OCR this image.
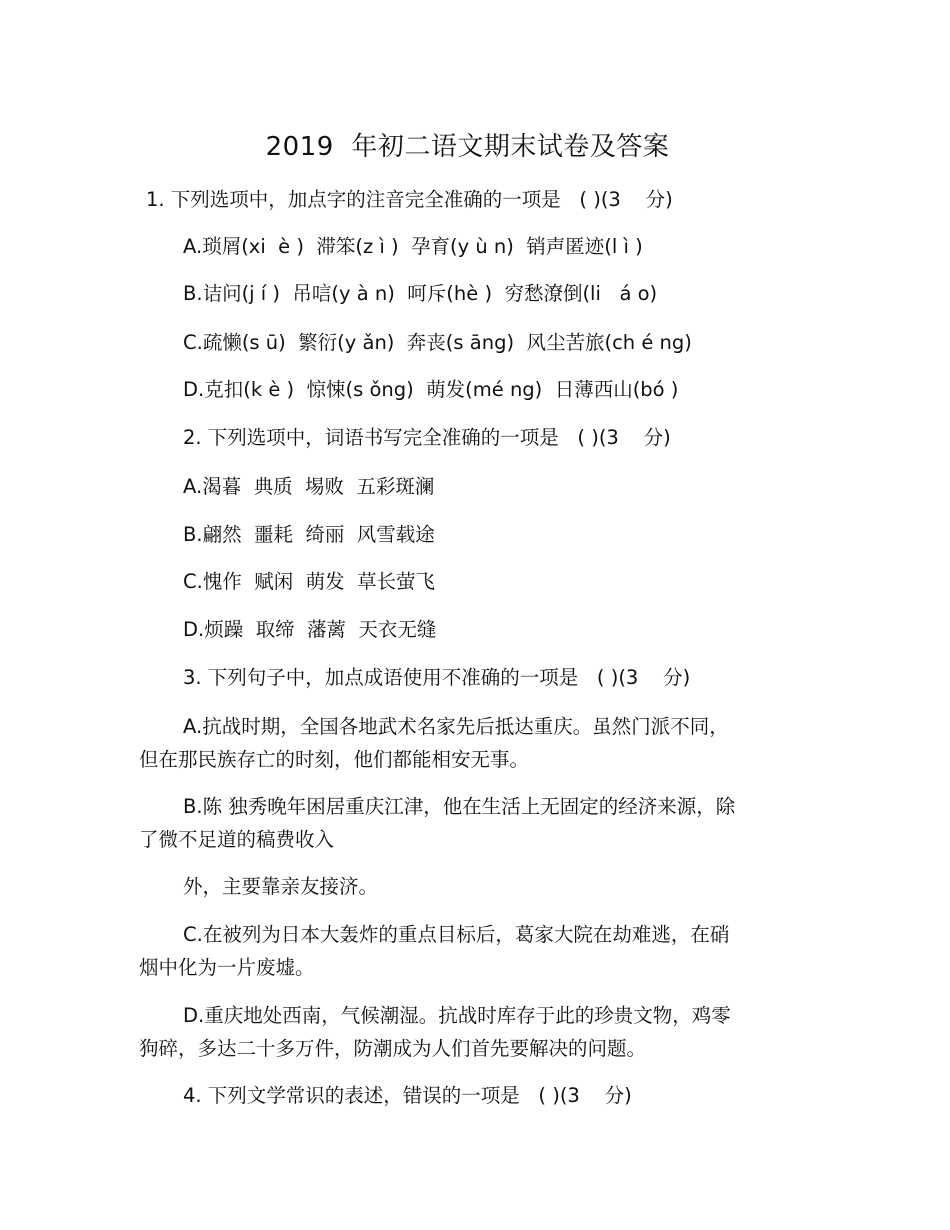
2019  年初二语文期末试卷及答案
1. 下列选项中，加点字的注音完全准确的一项是   ( )(3    分)
A.琐屑(xi  è )  滞笨(z ì )  孕育(y ù n)  销声匿迹(l ì )
B.诘问(j í )  吊唁(y à n)  呵斥(hè )  穷愁潦倒(li   á o)
C.疏懒(s ū)  繁衍(y ǎn)  奔丧(s āng)  风尘苦旅(ch é ng)
D.克扣(k è )  惊悚(s ǒng)  萌发(mé ng)  日薄西山(bó )
2. 下列选项中，词语书写完全准确的一项是   ( )(3    分)
A.渴暮  典质  埸败  五彩斑澜
B.翩然  噩耗  绮丽  风雪载途
C.愧作  赋闲  萌发  草长萤飞
D.烦躁  取缔  藩蓠  天衣无缝
3. 下列句子中，加点成语使用不准确的一项是   ( )(3    分)
A.抗战时期，全国各地武术名家先后抵达重庆。虽然门派不同，
但在那民族存亡的时刻，他们都能相安无事。
B.陈 独秀晚年困居重庆江津，他在生活上无固定的经济来源，除
了微不足道的稿费收入
外，主要靠亲友接济。
C.在被列为日本大轰炸的重点目标后，葛家大院在劫难逃，在硝
烟中化为一片废墟。
D.重庆地处西南，气候潮湿。抗战时库存于此的珍贵文物，鸡零
狗碎，多达二十多万件，防潮成为人们首先要解决的问题。
4. 下列文学常识的表述，错误的一项是   ( )(3    分)
